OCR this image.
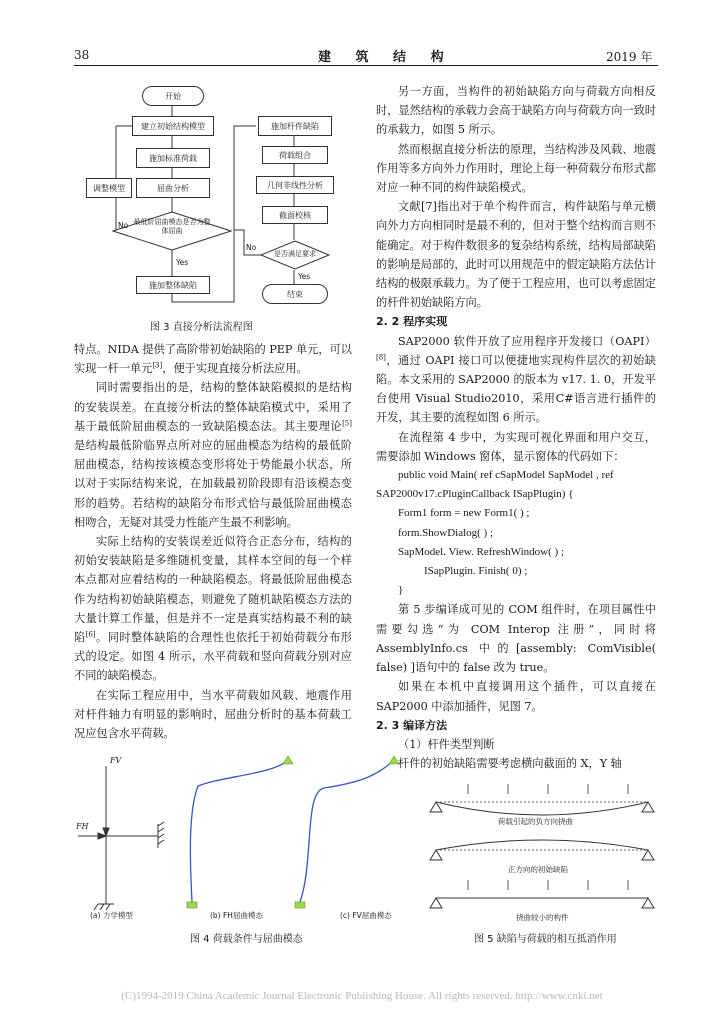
38	建 筑 结 构	2019 年
开始
建立初始结构模型
施加标准荷载
屈曲分析
调整模型
最低阶屈曲模态是否为整体屈曲
施加整体缺陷
施加杆件缺陷
荷载组合
几何非线性分析
截面校核
是否满足要求
结束
No
Yes
No
Yes
图 3 直接分析法流程图

特点。NIDA 提供了高阶带初始缺陷的 PEP 单元，可以实现一杆一单元[3]，便于实现直接分析法应用。

同时需要指出的是，结构的整体缺陷模拟的是结构的安装误差。在直接分析法的整体缺陷模式中，采用了基于最低阶屈曲模态的一致缺陷模态法。其主要理论[5]是结构最低阶临界点所对应的屈曲模态为结构的最低阶屈曲模态，结构按该模态变形将处于势能最小状态，所以对于实际结构来说，在加载最初阶段即有沿该模态变形的趋势。若结构的缺陷分布形式恰与最低阶屈曲模态相吻合，无疑对其受力性能产生最不利影响。

实际上结构的安装误差近似符合正态分布，结构的初始安装缺陷是多维随机变量，其样本空间的每一个样本点都对应着结构的一种缺陷模态。将最低阶屈曲模态作为结构初始缺陷模态，则避免了随机缺陷模态方法的大量计算工作量，但是并不一定是真实结构最不利的缺陷[6]。同时整体缺陷的合理性也依托于初始荷载分布形式的设定。如图 4 所示，水平荷载和竖向荷载分别对应不同的缺陷模态。

在实际工程应用中，当水平荷载如风载、地震作用对杆件轴力有明显的影响时，屈曲分析时的基本荷载工况应包含水平荷载。

另一方面，当构件的初始缺陷方向与荷载方向相反时，显然结构的承载力会高于缺陷方向与荷载方向一致时的承载力，如图 5 所示。

然而根据直接分析法的原理，当结构涉及风载、地震作用等多方向外力作用时，理论上每一种荷载分布形式都对应一种不同的构件缺陷模式。

文献[7]指出对于单个构件而言，构件缺陷与单元横向外力方向相同时是最不利的，但对于整个结构而言则不能确定。对于构件数很多的复杂结构系统，结构局部缺陷的影响是局部的，此时可以用规范中的假定缺陷方法估计结构的极限承载力。为了便于工程应用，也可以考虑固定的杆件初始缺陷方向。

2. 2 程序实现

SAP2000 软件开放了应用程序开发接口（OAPI）[8]，通过 OAPI 接口可以便捷地实现构件层次的初始缺陷。本文采用的 SAP2000 的版本为 v17. 1. 0，开发平台使用 Visual Studio2010，采用C#语言进行插件的开发，其主要的流程如图 6 所示。

在流程第 4 步中，为实现可视化界面和用户交互，需要添加 Windows 窗体，显示窗体的代码如下：

public void Main( ref cSapModel SapModel , ref

SAP2000v17.cPluginCallback ISapPlugin) {

Form1 form = new Form1( ) ;

form.ShowDialog( ) ;

SapModel. View. RefreshWindow( ) ;

ISapPlugin. Finish( 0) ;

}

第 5 步编译成可见的 COM 组件时，在项目属性中需要勾选“为 COM Interop 注册”，同时将 AssemblyInfo.cs 中的[assembly: ComVisible( false) ]语句中的 false 改为 true。

如果在本机中直接调用这个插件，可以直接在 SAP2000 中添加插件，见图 7。

2. 3 编译方法

（1）杆件类型判断

杆件的初始缺陷需要考虑横向截面的 X，Y 轴

FV
FH
(a) 力学模型	(b) FH屈曲模态	(c) FV屈曲模态
图 4 荷载条件与屈曲模态
荷载引起的负方向挠曲
正方向的初始缺陷
挠曲较小的构件
图 5 缺陷与荷载的相互抵消作用
(C)1994-2019 China Academic Journal Electronic Publishing House. All rights reserved. http://www.cnki.net
